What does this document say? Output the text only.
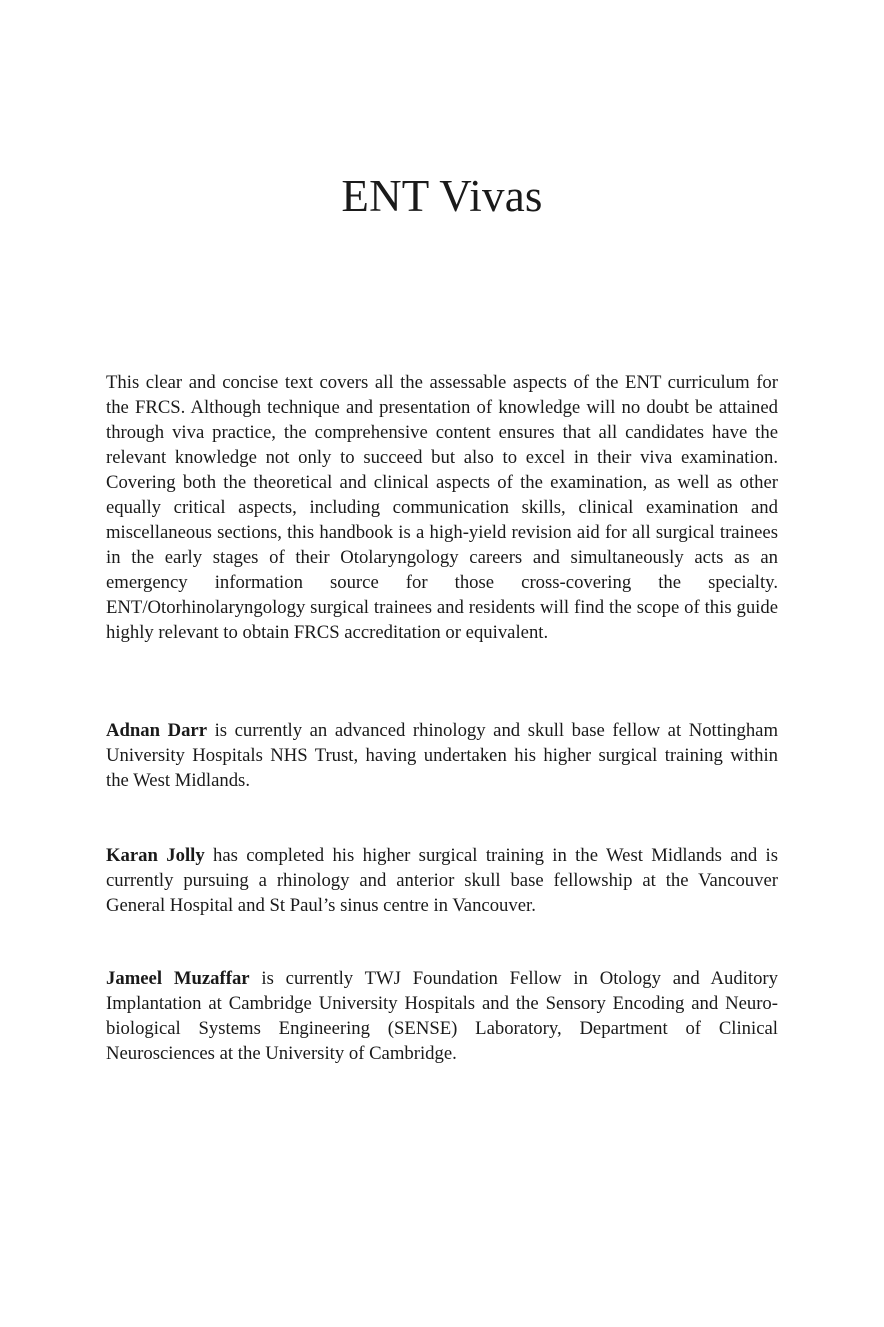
ENT Vivas

This clear and concise text covers all the assessable aspects of the ENT curriculum for the FRCS. Although technique and presentation of knowledge will no doubt be attained through viva practice, the comprehensive content ensures that all candidates have the relevant knowledge not only to succeed but also to excel in their viva examination. Covering both the theoretical and clinical aspects of the examination, as well as other equally critical aspects, including communication skills, clinical examination and miscellaneous sections, this handbook is a high-yield revision aid for all surgical trainees in the early stages of their Otolaryngology careers and simultaneously acts as an emergency information source for those cross-covering the specialty. ENT/Otorhinolaryngology surgical trainees and residents will find the scope of this guide highly relevant to obtain FRCS accreditation or equivalent.

Adnan Darr is currently an advanced rhinology and skull base fellow at Nottingham University Hospitals NHS Trust, having undertaken his higher surgical training within the West Midlands.

Karan Jolly has completed his higher surgical training in the West Midlands and is currently pursuing a rhinology and anterior skull base fellowship at the Vancouver General Hospital and St Paul’s sinus centre in Vancouver.

Jameel Muzaffar is currently TWJ Foundation Fellow in Otology and Auditory Implantation at Cambridge University Hospitals and the Sensory Encoding and Neuro-biological Systems Engineering (SENSE) Laboratory, Department of Clinical Neurosciences at the University of Cambridge.
